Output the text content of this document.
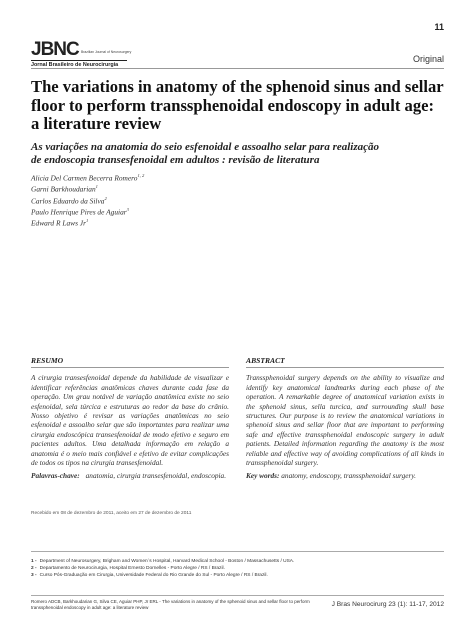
11
JBNC Brazilian Journal of Neurosurgery
Jornal Brasileiro de Neurocirurgia
Original
The variations in anatomy of the sphenoid sinus and sellar floor to perform transsphenoidal endoscopy in adult age: a literature review
As variações na anatomia do seio esfenoidal e assoalho selar para realização
de endoscopia transesfenoidal em adultos : revisão de literatura
Alicia Del Carmen Becerra Romero$^{1, 2}$
Garni Barkhoudarian$^1$
Carlos Eduardo da Silva$^2$
Paulo Henrique Pires de Aguiar$^3$
Edward R Laws Jr$^1$
RESUMO

A cirurgia transesfenoidal depende da habilidade de visualizar e identificar referências anatômicas chaves durante cada fase da operação. Um grau notável de variação anatômica existe no seio esfenoidal, sela túrcica e estruturas ao redor da base do crânio. Nosso objetivo é revisar as variações anatômicas no seio esfenoidal e assoalho selar que são importantes para realizar uma cirurgia endoscópica transesfenoidal de modo efetivo e seguro em pacientes adultos. Uma detalhada informação em relação a anatomia é o meio mais confiável e efetivo de evitar complicações de todos os tipos na cirurgia transesfenoidal.

Palavras-chave: anatomia, cirurgia transesfenoidal, endoscopia.
ABSTRACT

Transsphenoidal surgery depends on the ability to visualize and identify key anatomical landmarks during each phase of the operation. A remarkable degree of anatomical variation exists in the sphenoid sinus, sella turcica, and surrounding skull base structures. Our purpose is to review the anatomical variations in sphenoid sinus and sellar floor that are important to performing safe and effective transsphenoidal endoscopic surgery in adult patients. Detailed information regarding the anatomy is the most reliable and effective way of avoiding complications of all kinds in transsphenoidal surgery.

Key words: anatomy, endoscopy, transsphenoidal surgery.
Recebido em 08 de dezembro de 2011, aceito em 27 de dezembro de 2011
1 - Department of Neurosurgery, Brigham and Women´s Hospital, Harvard Medical School - Boston / Massachusetts / USA.
2 - Departamento de Neurocirurgia, Hospital Ernesto Dornelles - Porto Alegre / RS / Brazil.
3 - Curso Pós-Graduação em Cirurgia, Universidade Federal do Rio Grande do Sul - Porto Alegre / RS / Brazil.
Romero ADCB, Barkhoudarian G, Silva CE, Aguiar PHP, Jr ERL - The variations in anatomy of the sphenoid sinus and sellar floor to perform transsphenoidal endoscopy in adult age: a literature review	J Bras Neurocirurg 23 (1): 11-17, 2012
